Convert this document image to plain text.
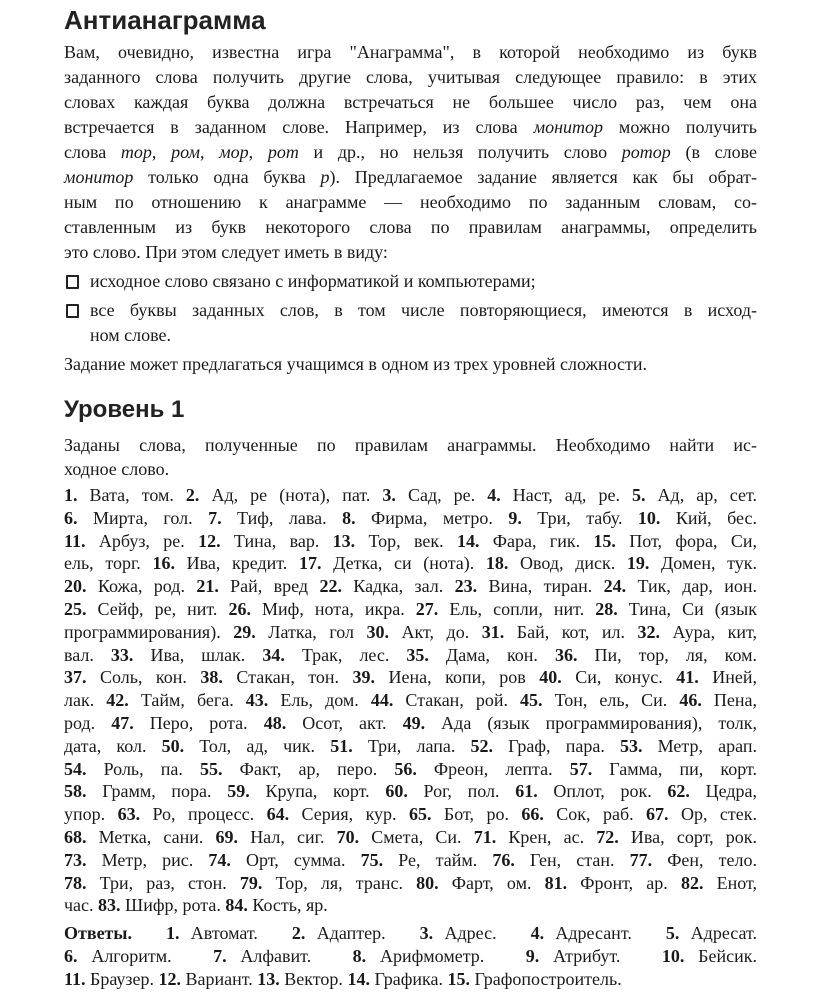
Антианаграмма
Вам, очевидно, известна игра "Анаграмма", в которой необходимо из букв
заданного слова получить другие слова, учитывая следующее правило: в этих
словах каждая буква должна встречаться не большее число раз, чем она
встречается в заданном слове. Например, из слова монитор можно получить
слова тор, ром, мор, рот и др., но нельзя получить слово ротор (в слове
монитор только одна буква р). Предлагаемое задание является как бы обрат-
ным по отношению к анаграмме — необходимо по заданным словам, со-
ставленным из букв некоторого слова по правилам анаграммы, определить
это слово. При этом следует иметь в виду:
исходное слово связано с информатикой и компьютерами;
все буквы заданных слов, в том числе повторяющиеся, имеются в исход-
ном слове.
Задание может предлагаться учащимся в одном из трех уровней сложности.
Уровень 1
Заданы слова, полученные по правилам анаграммы. Необходимо найти ис-
ходное слово.
1. Вата, том. 2. Ад, ре (нота), пат. 3. Сад, ре. 4. Наст, ад, ре. 5. Ад, ар, сет.
6. Мирта, гол. 7. Тиф, лава. 8. Фирма, метро. 9. Три, табу. 10. Кий, бес.
11. Арбуз, ре. 12. Тина, вар. 13. Тор, век. 14. Фара, гик. 15. Пот, фора, Си,
ель, торг. 16. Ива, кредит. 17. Детка, си (нота). 18. Овод, диск. 19. Домен, тук.
20. Кожа, род. 21. Рай, вред 22. Кадка, зал. 23. Вина, тиран. 24. Тик, дар, ион.
25. Сейф, ре, нит. 26. Миф, нота, икра. 27. Ель, сопли, нит. 28. Тина, Си (язык
программирования). 29. Латка, гол 30. Акт, до. 31. Бай, кот, ил. 32. Аура, кит,
вал. 33. Ива, шлак. 34. Трак, лес. 35. Дама, кон. 36. Пи, тор, ля, ком.
37. Соль, кон. 38. Стакан, тон. 39. Иена, копи, ров 40. Си, конус. 41. Иней,
лак. 42. Тайм, бега. 43. Ель, дом. 44. Стакан, рой. 45. Тон, ель, Си. 46. Пена,
род. 47. Перо, рота. 48. Осот, акт. 49. Ада (язык программирования), толк,
дата, кол. 50. Тол, ад, чик. 51. Три, лапа. 52. Граф, пара. 53. Метр, арап.
54. Роль, па. 55. Факт, ар, перо. 56. Фреон, лепта. 57. Гамма, пи, корт.
58. Грамм, пора. 59. Крупа, корт. 60. Рог, пол. 61. Оплот, рок. 62. Цедра,
упор. 63. Ро, процесс. 64. Серия, кур. 65. Бот, ро. 66. Сок, раб. 67. Ор, стек.
68. Метка, сани. 69. Нал, сиг. 70. Смета, Си. 71. Крен, ас. 72. Ива, сорт, рок.
73. Метр, рис. 74. Орт, сумма. 75. Ре, тайм. 76. Ген, стан. 77. Фен, тело.
78. Три, раз, стон. 79. Тор, ля, транс. 80. Фарт, ом. 81. Фронт, ар. 82. Енот,
час. 83. Шифр, рота. 84. Кость, яр.
Ответы. 1. Автомат.   2. Адаптер.   3. Адрес.   4. Адресант.   5. Адресат.
6. Алгоритм.   7. Алфавит.   8. Арифмометр.   9. Атрибут.   10. Бейсик.
11. Браузер. 12. Вариант. 13. Вектор. 14. Графика. 15. Графопостроитель.
